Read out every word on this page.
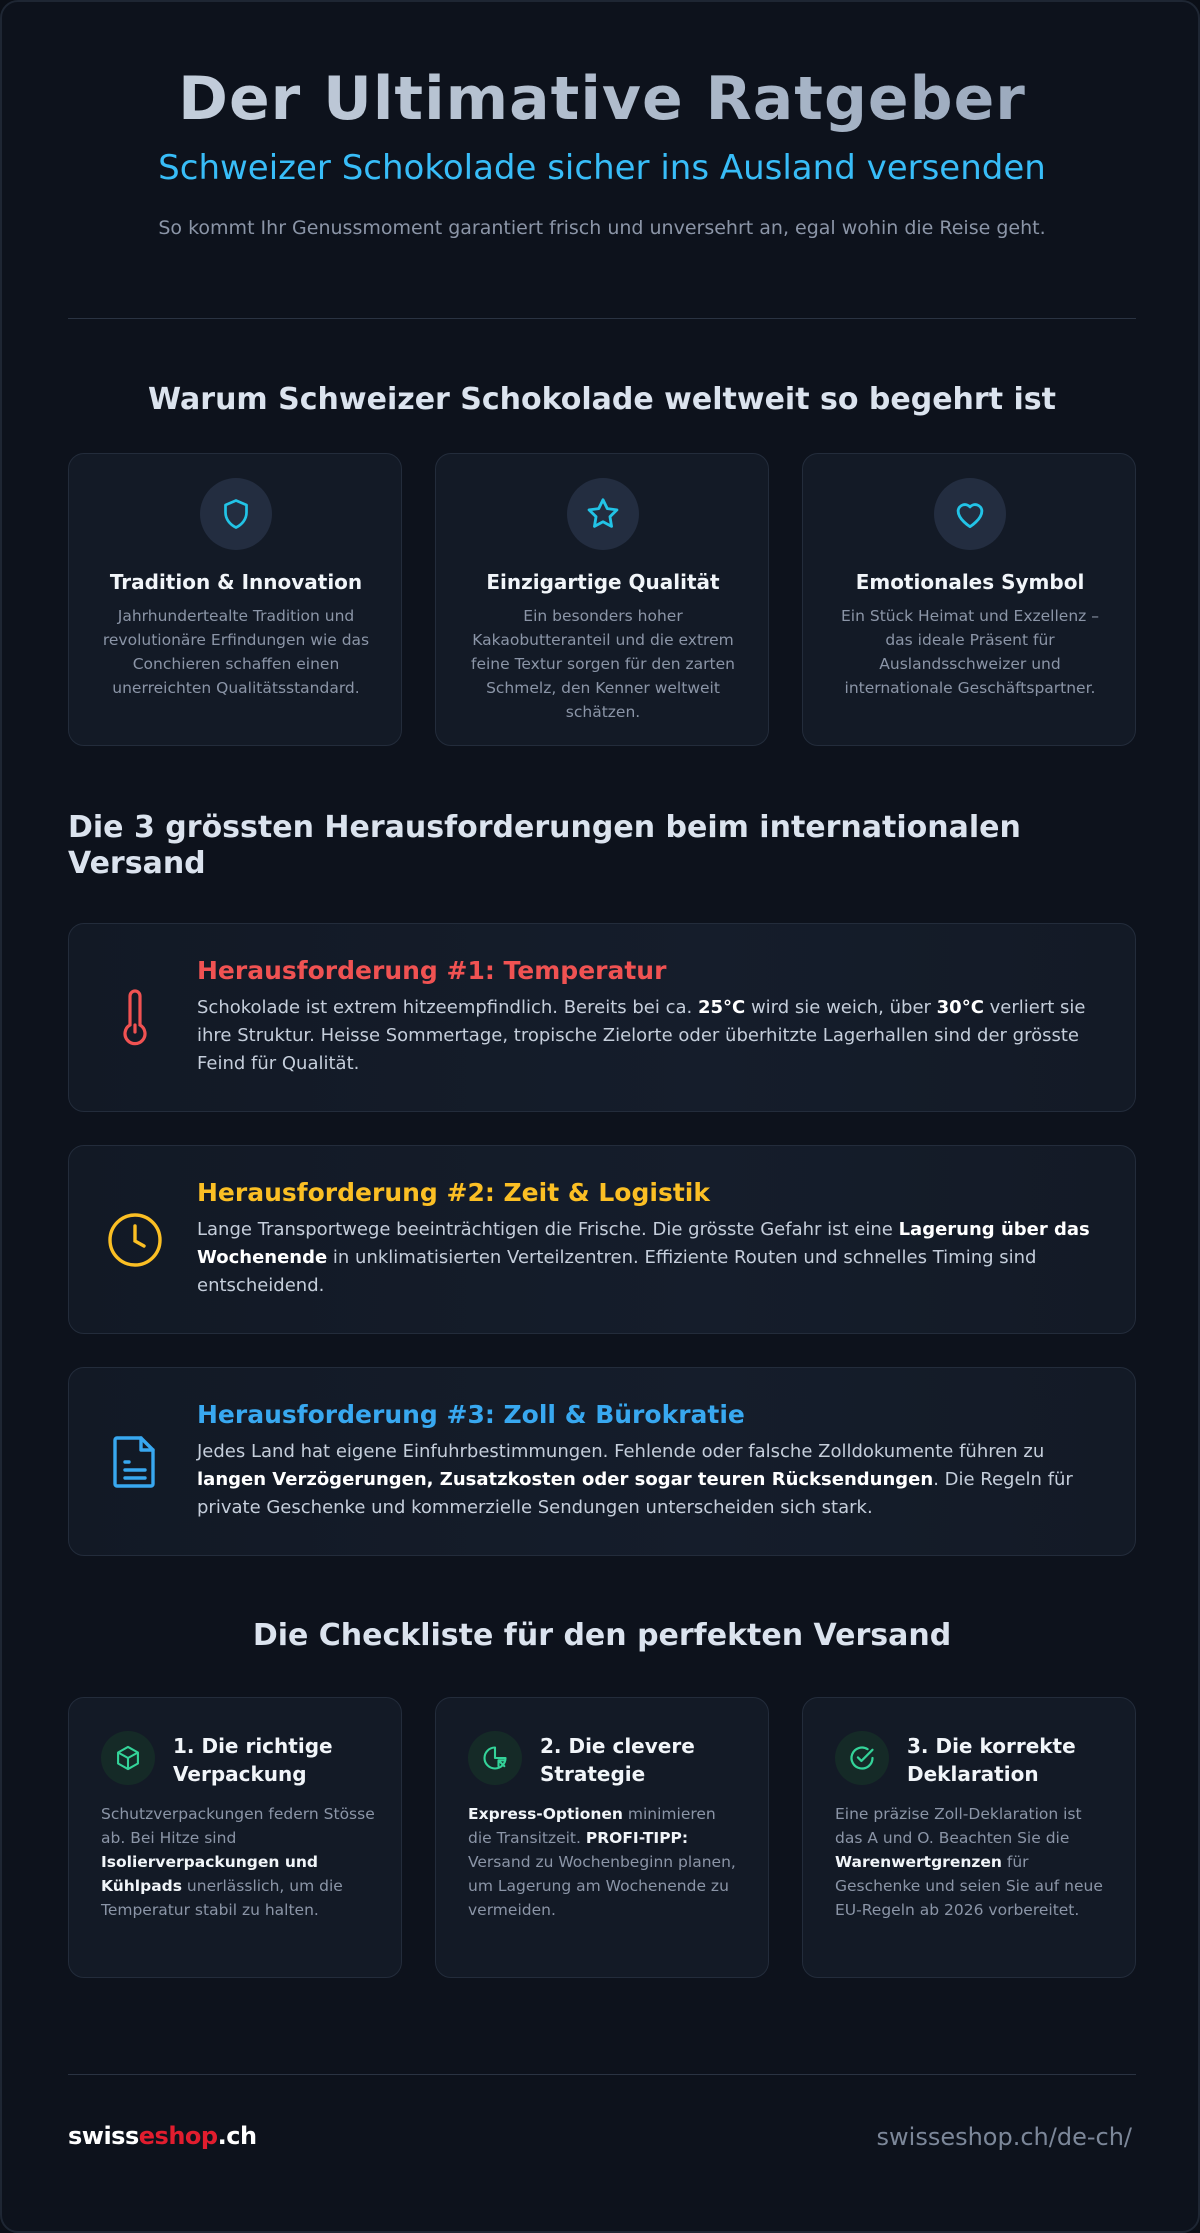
Der Ultimative Ratgeber
Schweizer Schokolade sicher ins Ausland versenden

So kommt Ihr Genussmoment garantiert frisch und unversehrt an, egal wohin die Reise geht.

Warum Schweizer Schokolade weltweit so begehrt ist
Tradition & Innovation

Jahrhundertealte Tradition und revolutionäre Erfindungen wie das Conchieren schaffen einen unerreichten Qualitätsstandard.

Einzigartige Qualität

Ein besonders hoher Kakaobutteranteil und die extrem feine Textur sorgen für den zarten Schmelz, den Kenner weltweit schätzen.

Emotionales Symbol

Ein Stück Heimat und Exzellenz – das ideale Präsent für Auslandsschweizer und internationale Geschäftspartner.

Die 3 grössten Herausforderungen beim internationalen Versand
Herausforderung #1: Temperatur

Schokolade ist extrem hitzeempfindlich. Bereits bei ca. 25°C wird sie weich, über 30°C verliert sie ihre Struktur. Heisse Sommertage, tropische Zielorte oder überhitzte Lagerhallen sind der grösste Feind für Qualität.

Herausforderung #2: Zeit & Logistik

Lange Transportwege beeinträchtigen die Frische. Die grösste Gefahr ist eine Lagerung über das Wochenende in unklimatisierten Verteilzentren. Effiziente Routen und schnelles Timing sind entscheidend.

Herausforderung #3: Zoll & Bürokratie

Jedes Land hat eigene Einfuhrbestimmungen. Fehlende oder falsche Zolldokumente führen zu langen Verzögerungen, Zusatzkosten oder sogar teuren Rücksendungen. Die Regeln für private Geschenke und kommerzielle Sendungen unterscheiden sich stark.

Die Checkliste für den perfekten Versand
1. Die richtige Verpackung

Schutzverpackungen federn Stösse ab. Bei Hitze sind Isolierverpackungen und Kühlpads unerlässlich, um die Temperatur stabil zu halten.

2. Die clevere Strategie

Express-Optionen minimieren die Transitzeit. PROFI-TIPP: Versand zu Wochenbeginn planen, um Lagerung am Wochenende zu vermeiden.

3. Die korrekte Deklaration

Eine präzise Zoll-Deklaration ist das A und O. Beachten Sie die Warenwertgrenzen für Geschenke und seien Sie auf neue EU-Regeln ab 2026 vorbereitet.

swisseshop.ch	swisseshop.ch/de-ch/
